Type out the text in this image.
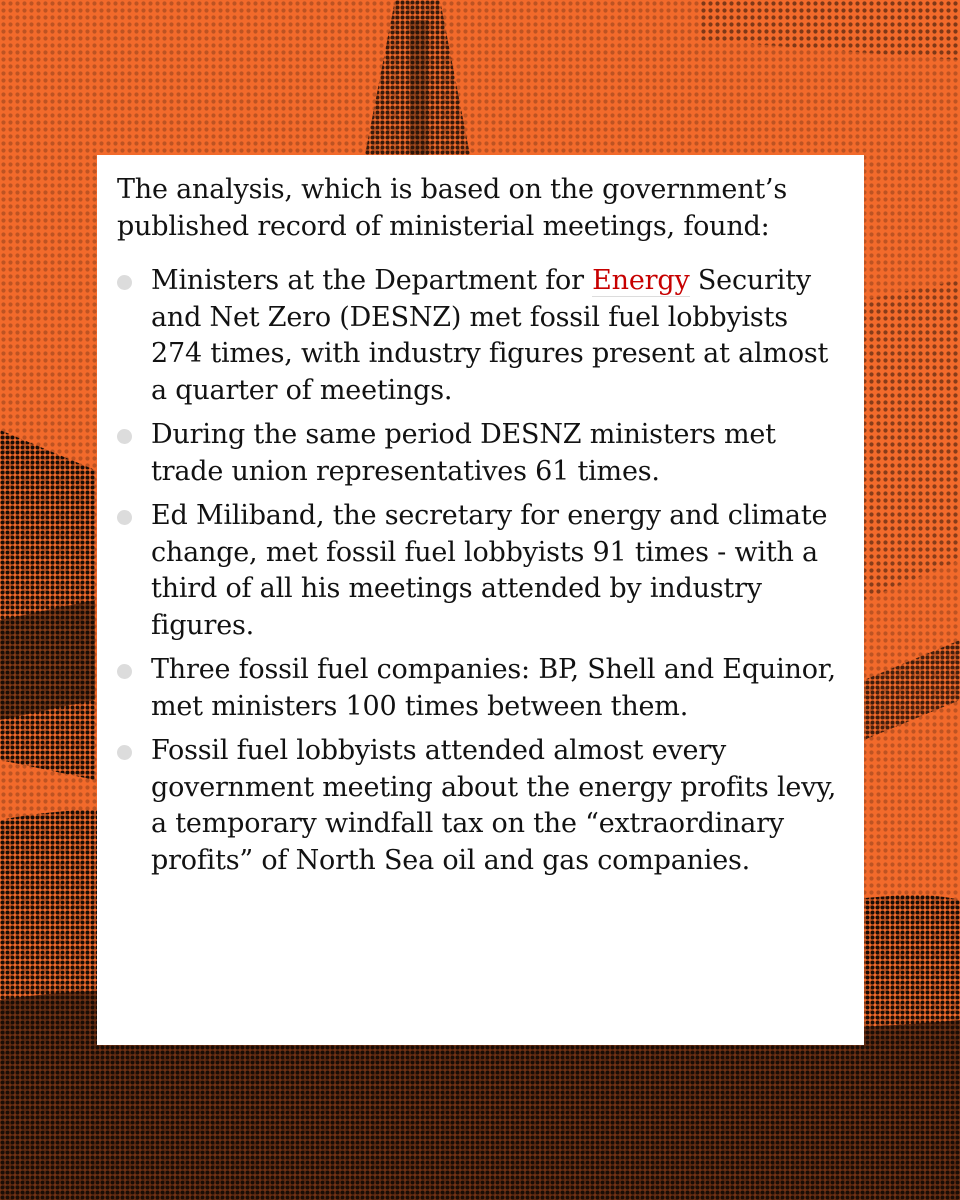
The analysis, which is based on the government’s published record of ministerial meetings, found:

Ministers at the Department for Energy Security and Net Zero (DESNZ) met fossil fuel lobbyists 274 times, with industry figures present at almost a quarter of meetings.
During the same period DESNZ ministers met trade union representatives 61 times.
Ed Miliband, the secretary for energy and climate change, met fossil fuel lobbyists 91 times - with a third of all his meetings attended by industry figures.
Three fossil fuel companies: BP, Shell and Equinor, met ministers 100 times between them.
Fossil fuel lobbyists attended almost every government meeting about the energy profits levy, a temporary windfall tax on the “extraordinary profits” of North Sea oil and gas companies.
